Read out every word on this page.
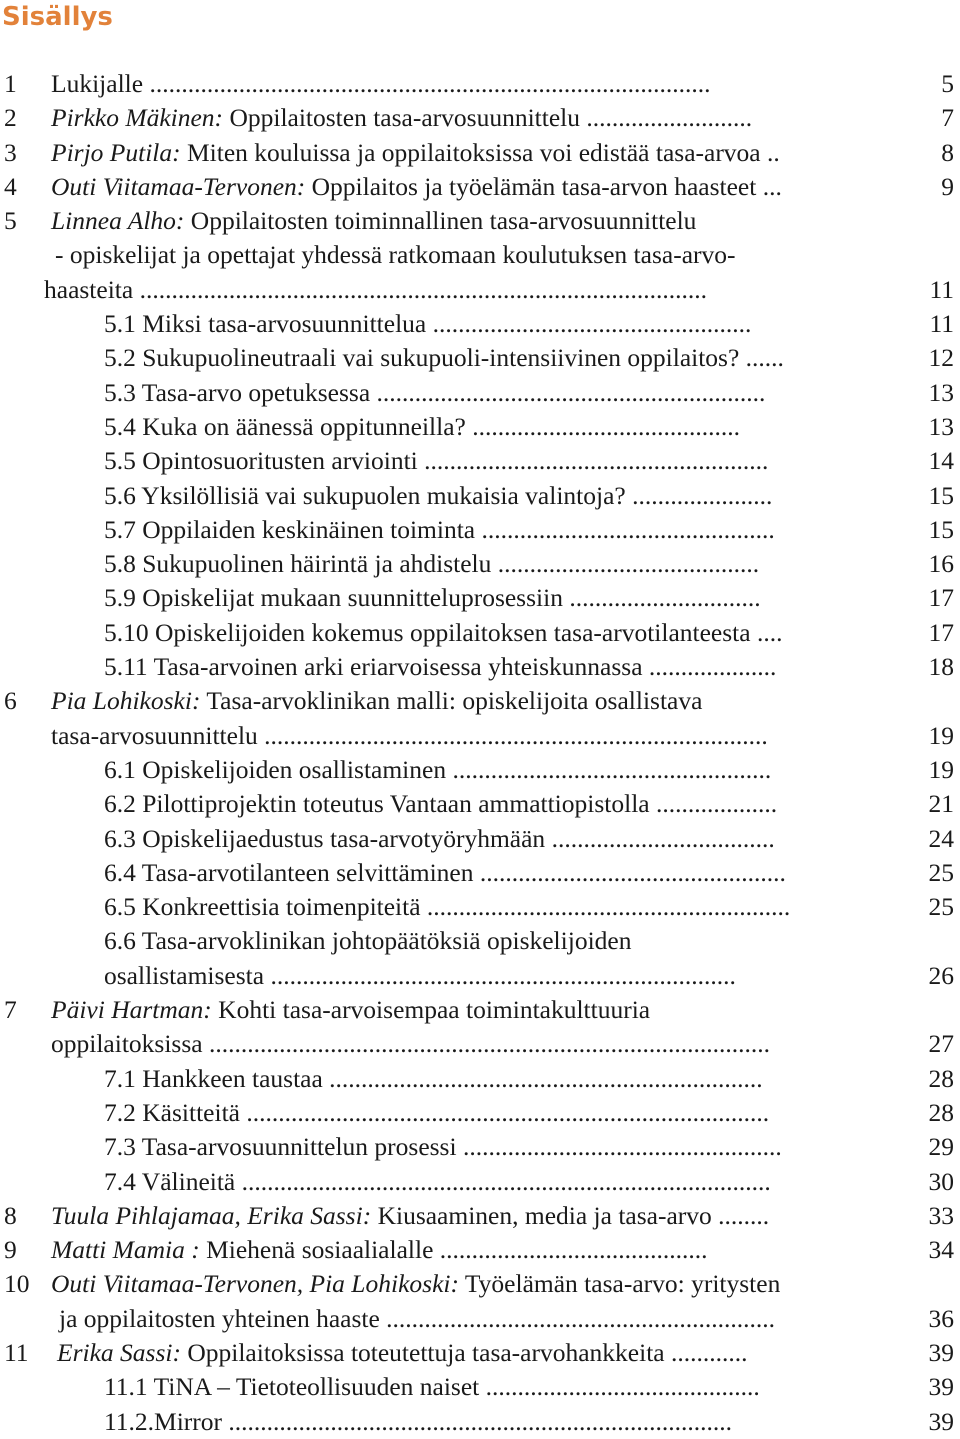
Sisällys
1 Lukijalle ........................................................................................	5
2 Pirkko Mäkinen: Oppilaitosten tasa-arvosuunnittelu ..........................	7
3 Pirjo Putila: Miten kouluissa ja oppilaitoksissa voi edistää tasa-arvoa ..	8
4 Outi Viitamaa-Tervonen: Oppilaitos ja työelämän tasa-arvon haasteet ...	9
5 Linnea Alho: Oppilaitosten toiminnallinen tasa-arvosuunnittelu
- opiskelijat ja opettajat yhdessä ratkomaan koulutuksen tasa-arvo-
haasteita .........................................................................................	11
5.1 Miksi tasa-arvosuunnittelua ..................................................	11
5.2 Sukupuolineutraali vai sukupuoli-intensiivinen oppilaitos? ......	12
5.3 Tasa-arvo opetuksessa .............................................................	13
5.4 Kuka on äänessä oppitunneilla? ..........................................	13
5.5 Opintosuoritusten arviointi ......................................................	14
5.6 Yksilöllisiä vai sukupuolen mukaisia valintoja? ......................	15
5.7 Oppilaiden keskinäinen toiminta ..............................................	15
5.8 Sukupuolinen häirintä ja ahdistelu .........................................	16
5.9 Opiskelijat mukaan suunnitteluprosessiin ..............................	17
5.10 Opiskelijoiden kokemus oppilaitoksen tasa-arvotilanteesta ....	17
5.11 Tasa-arvoinen arki eriarvoisessa yhteiskunnassa ....................	18
6 Pia Lohikoski: Tasa-arvoklinikan malli: opiskelijoita osallistava
tasa-arvosuunnittelu ...............................................................................	19
6.1 Opiskelijoiden osallistaminen ..................................................	19
6.2 Pilottiprojektin toteutus Vantaan ammattiopistolla ...................	21
6.3 Opiskelijaedustus tasa-arvotyöryhmään ...................................	24
6.4 Tasa-arvotilanteen selvittäminen ................................................	25
6.5 Konkreettisia toimenpiteitä .........................................................	25
6.6 Tasa-arvoklinikan johtopäätöksiä opiskelijoiden
osallistamisesta .........................................................................	26
7 Päivi Hartman: Kohti tasa-arvoisempaa toimintakulttuuria
oppilaitoksissa ........................................................................................	27
7.1 Hankkeen taustaa ....................................................................	28
7.2 Käsitteitä ..................................................................................	28
7.3 Tasa-arvosuunnittelun prosessi ..................................................	29
7.4 Välineitä ...................................................................................	30
8 Tuula Pihlajamaa, Erika Sassi: Kiusaaminen, media ja tasa-arvo ........	33
9 Matti Mamia : Miehenä sosiaalialalle ..........................................	34
10 Outi Viitamaa-Tervonen, Pia Lohikoski: Työelämän tasa-arvo: yritysten
ja oppilaitosten yhteinen haaste .............................................................	36
11 Erika Sassi: Oppilaitoksissa toteutettuja tasa-arvohankkeita ............	39
11.1 TiNA – Tietoteollisuuden naiset ...........................................	39
11.2.Mirror ...............................................................................	39
